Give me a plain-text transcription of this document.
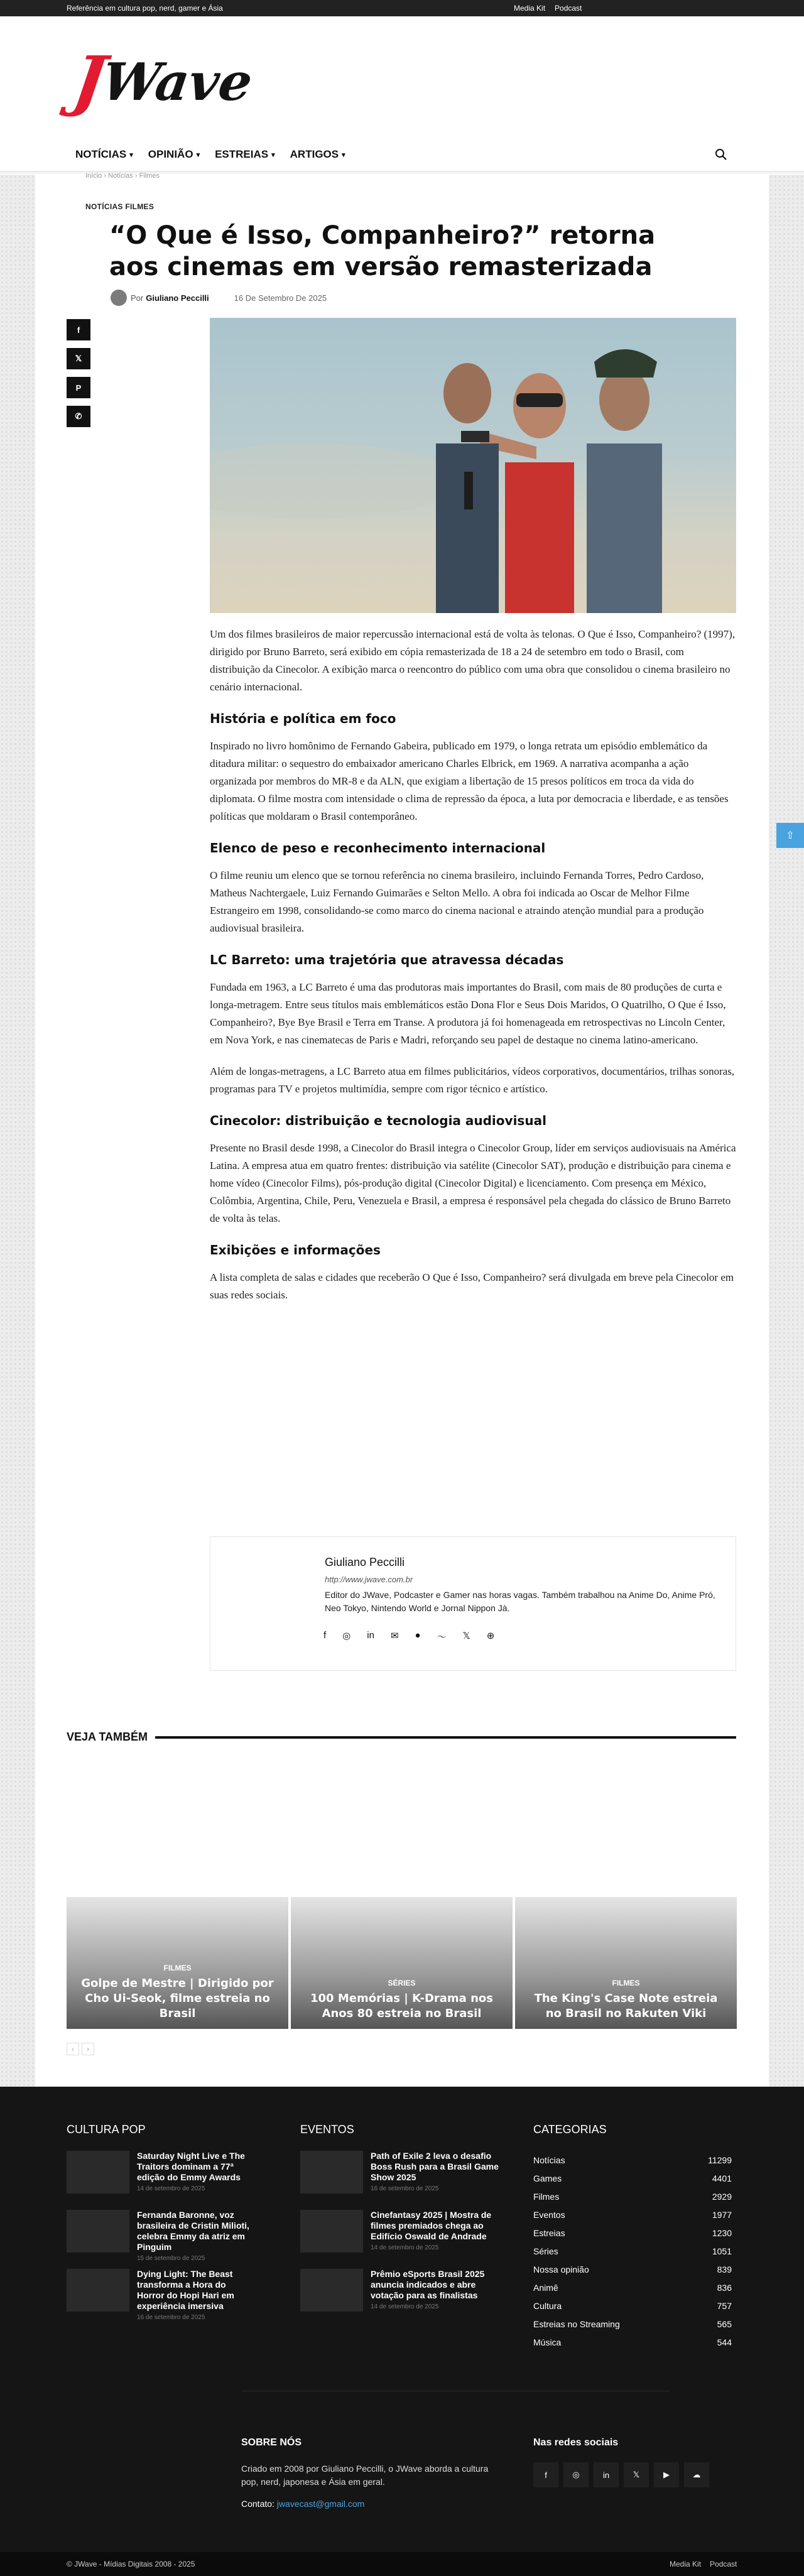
Referência em cultura pop, nerd, gamer e Ásia	Media Kit Podcast
J
Wave
NOTÍCIAS ▾ OPINIÃO ▾ ESTREIAS ▾ ARTIGOS ▾
Início › Notícias › Filmes
NOTÍCIAS FILMES
“O Que é Isso, Companheiro?” retorna aos cinemas em versão remasterizada
Por Giuliano Peccilli	16 De Setembro De 2025
f
𝕏
P
✆

Um dos filmes brasileiros de maior repercussão internacional está de volta às telonas. O Que é Isso, Companheiro? (1997), dirigido por Bruno Barreto, será exibido em cópia remasterizada de 18 a 24 de setembro em todo o Brasil, com distribuição da Cinecolor. A exibição marca o reencontro do público com uma obra que consolidou o cinema brasileiro no cenário internacional.

História e política em foco

Inspirado no livro homônimo de Fernando Gabeira, publicado em 1979, o longa retrata um episódio emblemático da ditadura militar: o sequestro do embaixador americano Charles Elbrick, em 1969. A narrativa acompanha a ação organizada por membros do MR-8 e da ALN, que exigiam a libertação de 15 presos políticos em troca da vida do diplomata. O filme mostra com intensidade o clima de repressão da época, a luta por democracia e liberdade, e as tensões políticas que moldaram o Brasil contemporâneo.

Elenco de peso e reconhecimento internacional

O filme reuniu um elenco que se tornou referência no cinema brasileiro, incluindo Fernanda Torres, Pedro Cardoso, Matheus Nachtergaele, Luiz Fernando Guimarães e Selton Mello. A obra foi indicada ao Oscar de Melhor Filme Estrangeiro em 1998, consolidando-se como marco do cinema nacional e atraindo atenção mundial para a produção audiovisual brasileira.

LC Barreto: uma trajetória que atravessa décadas

Fundada em 1963, a LC Barreto é uma das produtoras mais importantes do Brasil, com mais de 80 produções de curta e longa-metragem. Entre seus títulos mais emblemáticos estão Dona Flor e Seus Dois Maridos, O Quatrilho, O Que é Isso, Companheiro?, Bye Bye Brasil e Terra em Transe. A produtora já foi homenageada em retrospectivas no Lincoln Center, em Nova York, e nas cinematecas de Paris e Madri, reforçando seu papel de destaque no cinema latino-americano.

Além de longas-metragens, a LC Barreto atua em filmes publicitários, vídeos corporativos, documentários, trilhas sonoras, programas para TV e projetos multimídia, sempre com rigor técnico e artístico.

Cinecolor: distribuição e tecnologia audiovisual

Presente no Brasil desde 1998, a Cinecolor do Brasil integra o Cinecolor Group, líder em serviços audiovisuais na América Latina. A empresa atua em quatro frentes: distribuição via satélite (Cinecolor SAT), produção e distribuição para cinema e home vídeo (Cinecolor Films), pós-produção digital (Cinecolor Digital) e licenciamento. Com presença em México, Colômbia, Argentina, Chile, Peru, Venezuela e Brasil, a empresa é responsável pela chegada do clássico de Bruno Barreto de volta às telas.

Exibições e informações

A lista completa de salas e cidades que receberão O Que é Isso, Companheiro? será divulgada em breve pela Cinecolor em suas redes sociais.

Giuliano Peccilli
http://www.jwave.com.br
Editor do JWave, Podcaster e Gamer nas horas vagas. Também trabalhou na Anime Do, Anime Pró, Neo Tokyo, Nintendo World e Jornal Nippon Jà.
f ◎ in ✉ ● 〜 𝕏 ⊕
VEJA TAMBÉM
FILMES
Golpe de Mestre | Dirigido por Cho Ui-Seok, filme estreia no Brasil
SÉRIES
100 Memórias | K-Drama nos Anos 80 estreia no Brasil
FILMES
The King's Case Note estreia no Brasil no Rakuten Viki
‹	›
⇧
CULTURA POP
Saturday Night Live e The Traitors dominam a 77ª edição do Emmy Awards
14 de setembro de 2025
Fernanda Baronne, voz brasileira de Cristin Milioti, celebra Emmy da atriz em Pinguim
15 de setembro de 2025
Dying Light: The Beast transforma a Hora do Horror do Hopi Hari em experiência imersiva
16 de setembro de 2025
EVENTOS
Path of Exile 2 leva o desafio Boss Rush para a Brasil Game Show 2025
16 de setembro de 2025
Cinefantasy 2025 | Mostra de filmes premiados chega ao Edifício Oswald de Andrade
14 de setembro de 2025
Prêmio eSports Brasil 2025 anuncia indicados e abre votação para as finalistas
14 de setembro de 2025
CATEGORIAS
Notícias	11299
Games	4401
Filmes	2929
Eventos	1977
Estreias	1230
Séries	1051
Nossa opinião	839
Animê	836
Cultura	757
Estreias no Streaming	565
Música	544
SOBRE NÓS

Criado em 2008 por Giuliano Peccilli, o JWave aborda a cultura pop, nerd, japonesa e Ásia em geral.

Contato: jwavecast@gmail.com
Nas redes sociais
f	◎	in	𝕏	▶	☁
© JWave - Mídias Digitais 2008 - 2025	Media Kit Podcast
